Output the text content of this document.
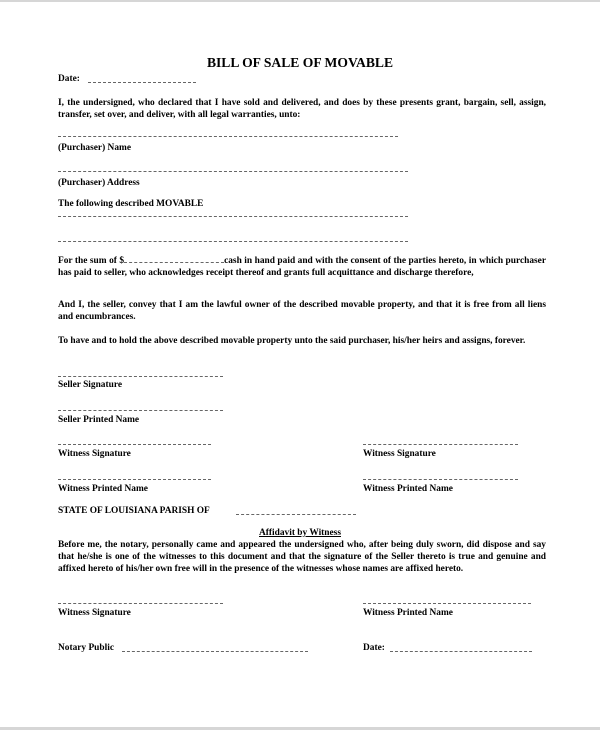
BILL OF SALE OF MOVABLE
Date:
I, the undersigned, who declared that I have sold and delivered, and does by these presents grant, bargain, sell, assign, transfer, set over, and deliver, with all legal warranties, unto:
(Purchaser) Name
(Purchaser) Address
The following described MOVABLE
For the sum of $	cash in hand paid and with the consent of the parties hereto, in which purchaser has paid to seller, who acknowledges receipt thereof and grants full acquittance and discharge therefore,
And I, the seller, convey that I am the lawful owner of the described movable property, and that it is free from all liens and encumbrances.
To have and to hold the above described movable property unto the said purchaser, his/her heirs and assigns, forever.
Seller Signature
Seller Printed Name
Witness Signature	Witness Signature
Witness Printed Name	Witness Printed Name
STATE OF LOUISIANA PARISH OF
Affidavit by Witness
Before me, the notary, personally came and appeared the undersigned who, after being duly sworn, did dispose and say that he/she is one of the witnesses to this document and that the signature of the Seller thereto is true and genuine and affixed hereto of his/her own free will in the presence of the witnesses whose names are affixed hereto.
Witness Signature	Witness Printed Name
Notary Public	Date:
